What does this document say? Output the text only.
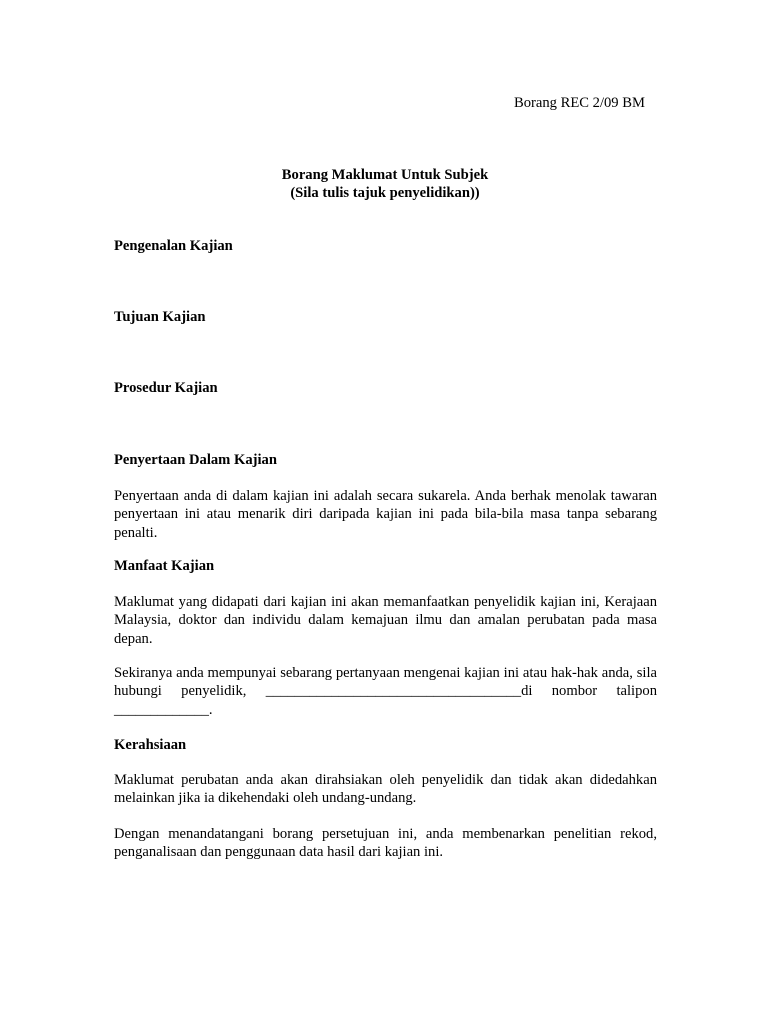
Borang REC 2/09 BM
Borang Maklumat Untuk Subjek
(Sila tulis tajuk penyelidikan))
Pengenalan Kajian
Tujuan Kajian
Prosedur Kajian
Penyertaan Dalam Kajian
Penyertaan anda di dalam kajian ini adalah secara sukarela. Anda berhak menolak tawaran penyertaan ini atau menarik diri daripada kajian ini pada bila-bila masa tanpa sebarang penalti.
Manfaat Kajian
Maklumat yang didapati dari kajian ini akan memanfaatkan penyelidik kajian ini, Kerajaan Malaysia, doktor dan individu dalam kemajuan ilmu dan amalan perubatan pada masa depan.
Sekiranya anda mempunyai sebarang pertanyaan mengenai kajian ini atau hak-hak anda, sila hubungi penyelidik, ___________________________________di nombor talipon _____________.
Kerahsiaan
Maklumat perubatan anda akan dirahsiakan oleh penyelidik dan tidak akan didedahkan melainkan jika ia dikehendaki oleh undang-undang.
Dengan menandatangani borang persetujuan ini, anda membenarkan penelitian rekod, penganalisaan dan penggunaan data hasil dari kajian ini.
